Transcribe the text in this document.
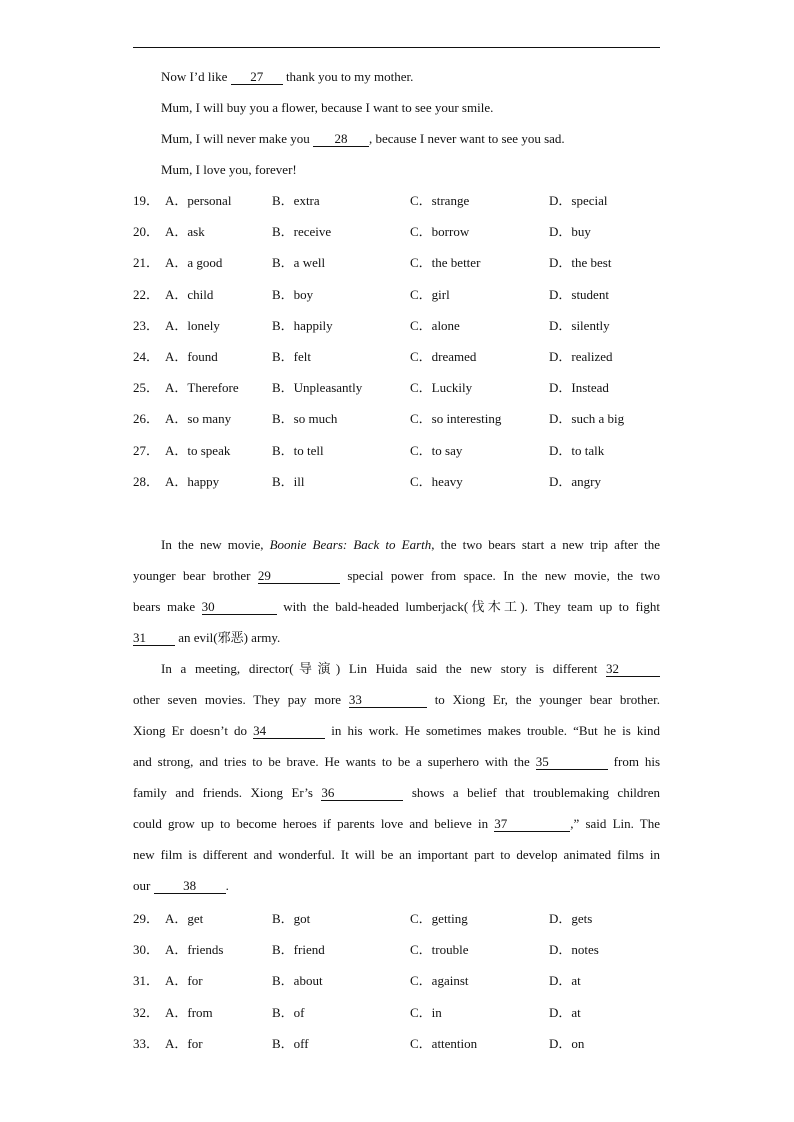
Now I’d like 27 thank you to my mother.
Mum, I will buy you a flower, because I want to see your smile.
Mum, I will never make you 28 , because I never want to see you sad.
Mum, I love you, forever!
19． A．personal	B．extra	C．strange	D．special
20． A．ask	B．receive	C．borrow	D．buy
21． A．a good	B．a well	C．the better	D．the best
22． A．child	B．boy	C．girl	D．student
23． A．lonely	B．happily	C．alone	D．silently
24． A．found	B．felt	C．dreamed	D．realized
25． A．Therefore	B．Unpleasantly	C．Luckily	D．Instead
26． A．so many	B．so much	C．so interesting	D．such a big
27． A．to speak	B．to tell	C．to say	D．to talk
28． A．happy	B．ill	C．heavy	D．angry
In the new movie, Boonie Bears: Back to Earth, the two bears start a new trip after the
younger bear brother 29	special power from space. In the new movie, the two
bears make 30	with the bald-headed lumberjack(伐木工). They team up to fight
31 an evil(邪恶) army.
In a meeting, director(导演) Lin Huida said the new story is different 32
other seven movies. They pay more 33	to Xiong Er, the younger bear brother.
Xiong Er doesn’t do 34	in his work. He sometimes makes trouble. “But he is kind
and strong, and tries to be brave. He wants to be a superhero with the 35	from his
family and friends. Xiong Er’s 36	shows a belief that troublemaking children
could grow up to become heroes if parents love and believe in 37	,” said Lin. The
new film is different and wonderful. It will be an important part to develop animated films in
our 38 .
29． A．get	B．got	C．getting	D．gets
30． A．friends	B．friend	C．trouble	D．notes
31． A．for	B．about	C．against	D．at
32． A．from	B．of	C．in	D．at
33． A．for	B．off	C．attention	D．on
